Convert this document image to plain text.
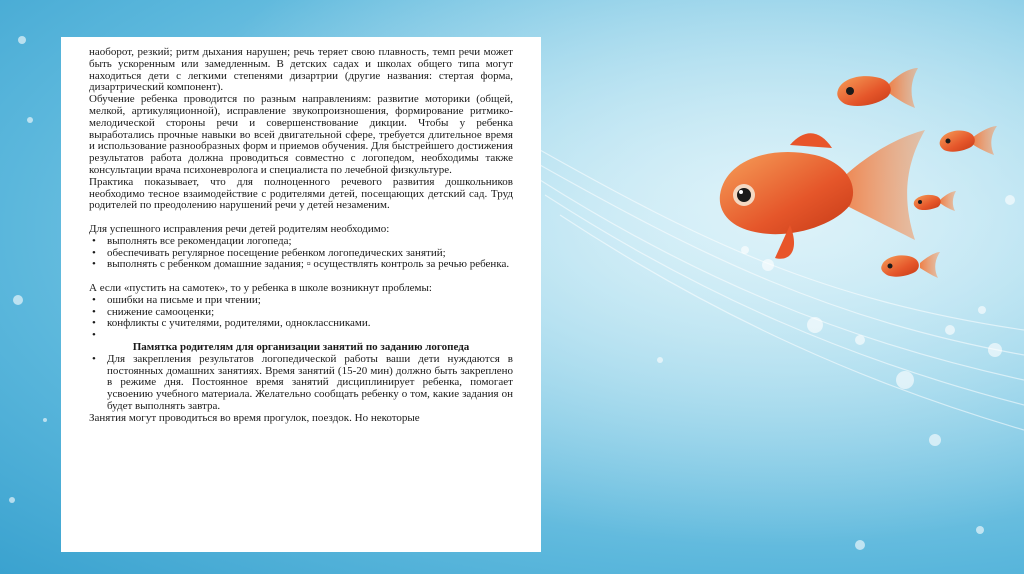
наоборот, резкий; ритм дыхания нарушен; речь теряет свою плавность, темп речи может быть ускоренным или замедленным. В детских садах и школах общего типа могут находиться дети с легкими степенями дизартрии (другие названия: стертая форма, дизартрический компонент).

Обучение ребенка проводится по разным направлениям: развитие моторики (общей, мелкой, артикуляционной), исправление звукопроизношения, формирование ритмико-мелодической стороны речи и совершенствование дикции. Чтобы у ребенка выработались прочные навыки во всей двигательной сфере, требуется длительное время и использование разнообразных форм и приемов обучения. Для быстрейшего достижения результатов работа должна проводиться совместно с логопедом, необходимы также консультации врача психоневролога и специалиста по лечебной физкультуре.

Практика показывает, что для полноценного речевого развития дошкольников необходимо тесное взаимодействие с родителями детей, посещающих детский сад. Труд родителей по преодолению нарушений речи у детей незаменим.

Для успешного исправления речи детей родителям необходимо:

• выполнять все рекомендации логопеда;
• обеспечивать регулярное посещение ребенком логопедических занятий;
• выполнять с ребенком домашние задания; ▫ осуществлять контроль за речью ребенка.

А если «пустить на самотек», то у ребенка в школе возникнут проблемы:

• ошибки на письме и при чтении;
• снижение самооценки;
• конфликты с учителями, родителями, одноклассниками.
•

Памятка родителям для организации занятий по заданию логопеда

• Для закрепления результатов логопедической работы ваши дети нуждаются в постоянных домашних занятиях. Время занятий (15-20 мин) должно быть закреплено в режиме дня. Постоянное время занятий дисциплинирует ребенка, помогает усвоению учебного материала. Желательно сообщать ребенку о том, какие задания он будет выполнять завтра.

Занятия могут проводиться во время прогулок, поездок. Но некоторые
